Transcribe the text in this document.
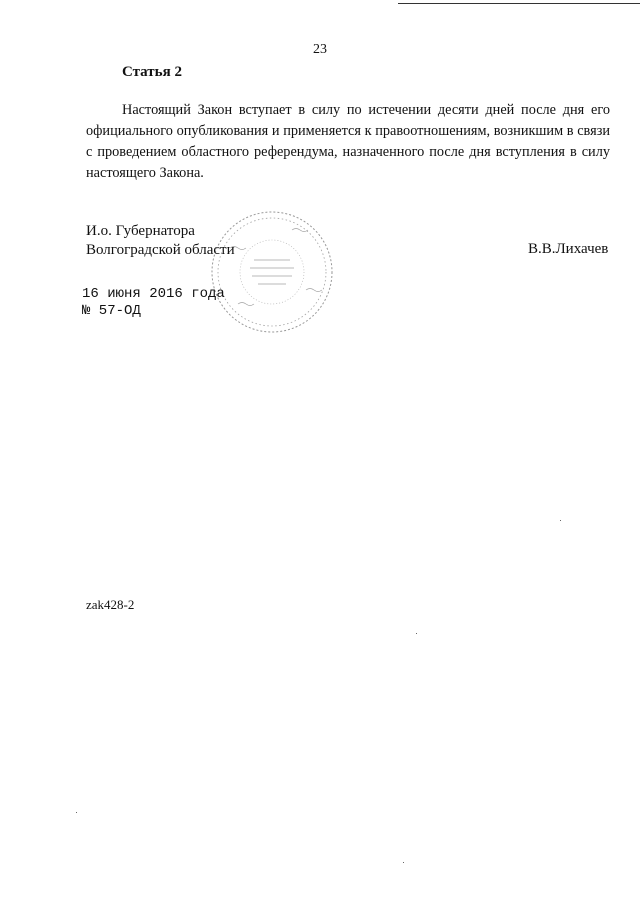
23
Статья 2

Настоящий Закон вступает в силу по истечении десяти дней после дня его официального опубликования и применяется к правоотношениям, возникшим в связи с проведением областного референдума, назначенного после дня вступления в силу настоящего Закона.

И.о. Губернатора
Волгоградской области	В.В.Лихачев
16 июня 2016 года
№ 57-ОД
zak428-2
